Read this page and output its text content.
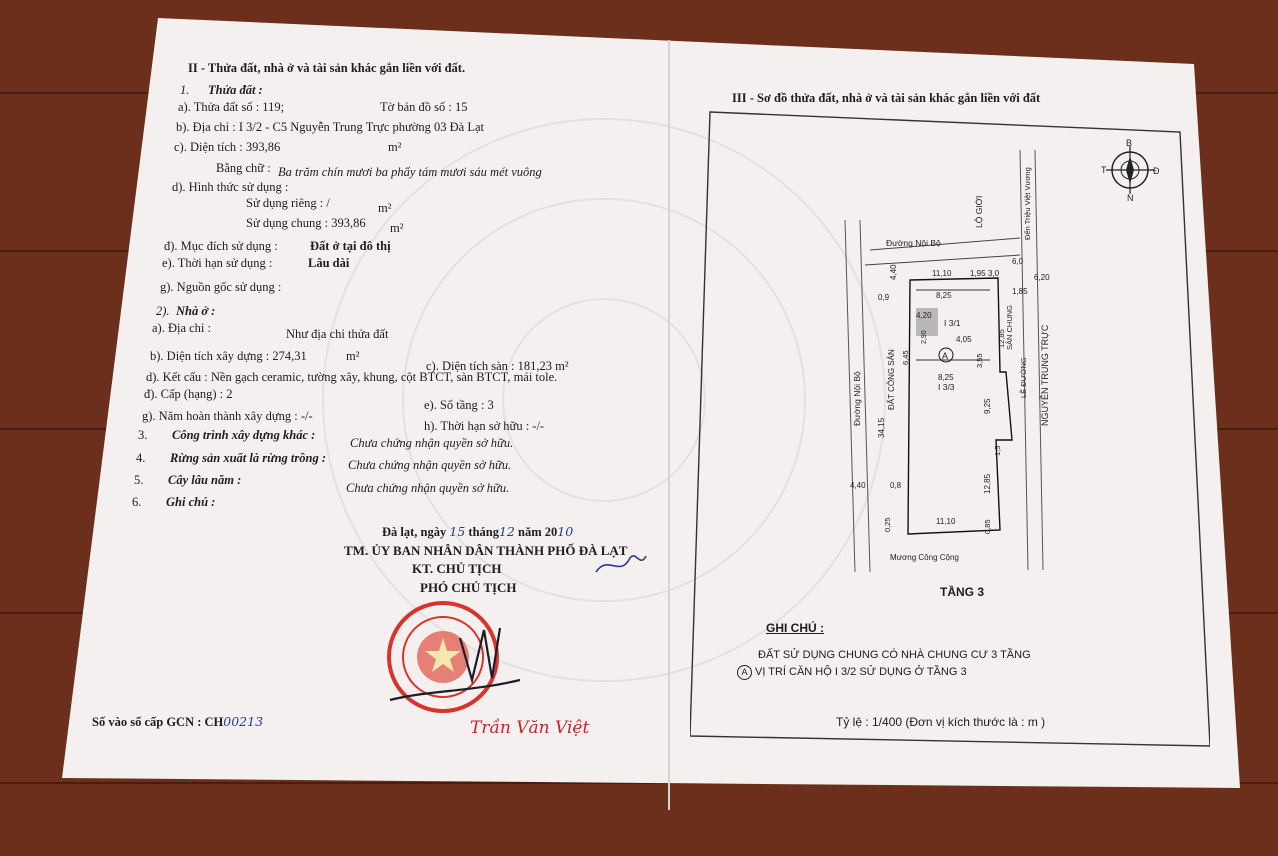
II - Thửa đất, nhà ở và tài sản khác gắn liền với đất.
1. Thửa đất :
a). Thửa đất số : 119;	Tờ bản đồ số : 15
b). Địa chỉ : I 3/2 - C5 Nguyễn Trung Trực phường 03 Đà Lạt
c). Diện tích : 393,86	m²
Bằng chữ : Ba trăm chín mươi ba phẩy tám mươi sáu mét vuông
d). Hình thức sử dụng :
Sử dụng riêng : /	m²
Sử dụng chung : 393,86 m²
đ). Mục đích sử dụng :	Đất ở tại đô thị
e). Thời hạn sử dụng :	Lâu dài
g). Nguồn gốc sử dụng :
2). Nhà ở :
a). Địa chỉ :	Như địa chỉ thửa đất
b). Diện tích xây dựng : 274,31	m²
c). Diện tích sàn : 181,23 m²
d). Kết cấu : Nền gạch ceramic, tường xây, khung, cột BTCT, sàn BTCT, mái tole.
đ). Cấp (hạng) : 2
e). Số tầng : 3
g). Năm hoàn thành xây dựng : -/-
h). Thời hạn sở hữu : -/-
3. Công trình xây dựng khác :
Chưa chứng nhận quyền sở hữu.
4. Rừng sản xuất là rừng trồng : Chưa chứng nhận quyền sở hữu.
5. Cây lâu năm :
Chưa chứng nhận quyền sở hữu.
6. Ghi chú :
Đà lạt, ngày 15 tháng12 năm 2010
TM. ỦY BAN NHÂN DÂN THÀNH PHỐ ĐÀ LẠT
KT. CHỦ TỊCH
PHÓ CHỦ TỊCH
Trần Văn Việt
Số vào sổ cấp GCN : CH00213
III - Sơ đồ thửa đất, nhà ở và tài sản khác gắn liền với đất
B
N
T	Đ
A
I 3/1
I 3/3
Đường Nội Bộ
LỘ GIỚI	Đến Triệu Việt Vương
Đường Nội Bộ	ĐẤT CÔNG SẢN
SÂN CHUNG
LỀ ĐƯỜNG NGUYỄN TRUNG TRỰC
Mương Công Cộng
4,40	11,10 1,95 3,0
6,0
6,20
0,9	8,25	1,85
4,20
2,90	4,05
6,45	3,55
12,85
8,25
34,15
9,25
4,40	0,8	12,85
0,25	11,10	0,85
1,5
TẦNG 3
GHI CHÚ :
ĐẤT SỬ DỤNG CHUNG CÓ NHÀ CHUNG CƯ 3 TẦNG
A VỊ TRÍ CĂN HỘ I 3/2 SỬ DỤNG Ở TẦNG 3
Tỷ lệ : 1/400 (Đơn vị kích thước là : m )
